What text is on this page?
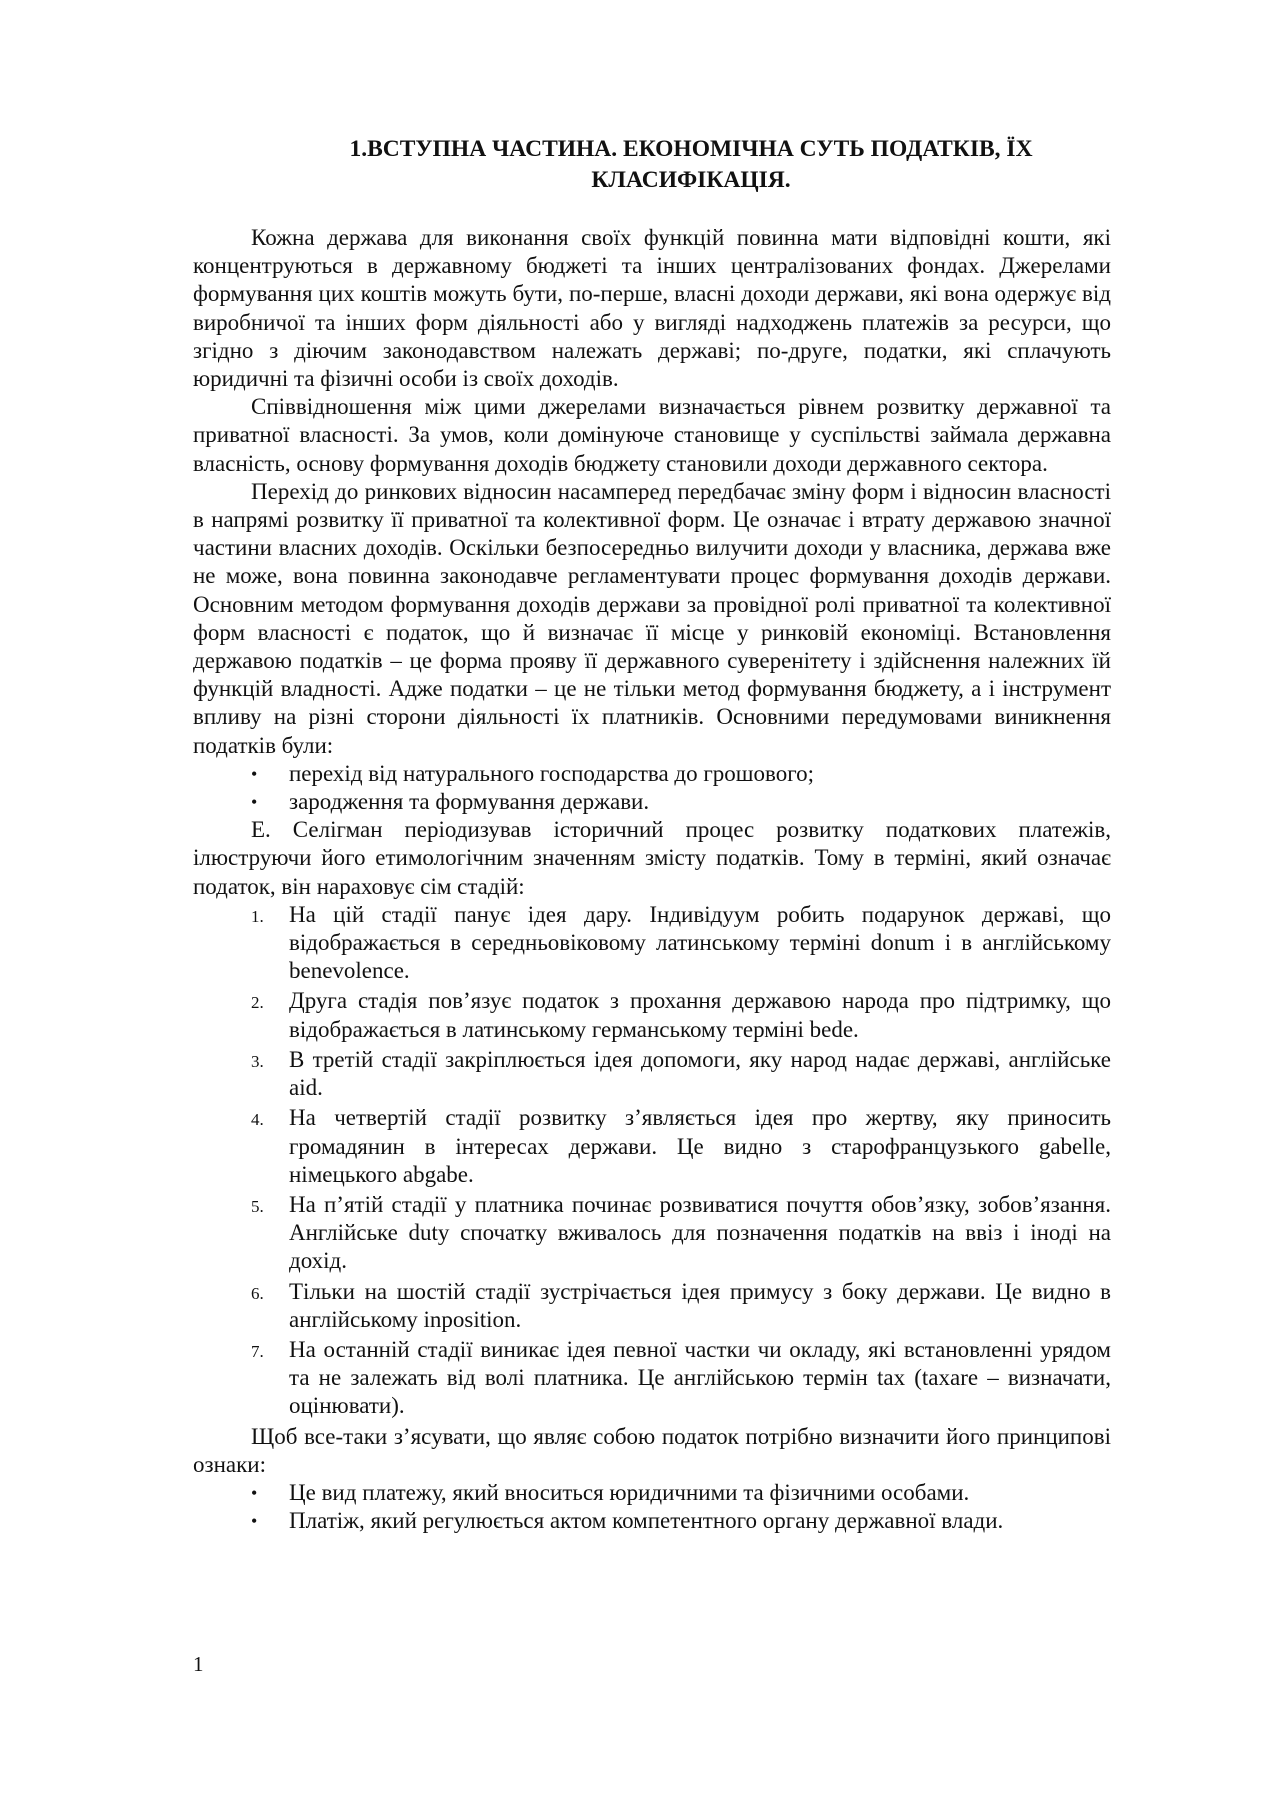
1.ВСТУПНА ЧАСТИНА. ЕКОНОМІЧНА СУТЬ ПОДАТКІВ, ЇХ
КЛАСИФІКАЦІЯ.

Кожна держава для виконання своїх функцій повинна мати відповідні кошти, які концентруються в державному бюджеті та інших централізованих фондах. Джерелами формування цих коштів можуть бути, по-перше, власні доходи держави, які вона одержує від виробничої та інших форм діяльності або у вигляді надходжень платежів за ресурси, що згідно з діючим законодавством належать державі; по-друге, податки, які сплачують юридичні та фізичні особи із своїх доходів.

Співвідношення між цими джерелами визначається рівнем розвитку державної та приватної власності. За умов, коли домінуюче становище у суспільстві займала державна власність, основу формування доходів бюджету становили доходи державного сектора.

Перехід до ринкових відносин насамперед передбачає зміну форм і відносин власності в напрямі розвитку її приватної та колективної форм. Це означає і втрату державою значної частини власних доходів. Оскільки безпосередньо вилучити доходи у власника, держава вже не може, вона повинна законодавче регламентувати процес формування доходів держави. Основним методом формування доходів держави за провідної ролі приватної та колективної форм власності є податок, що й визначає її місце у ринковій економіці. Встановлення державою податків – це форма прояву її державного суверенітету і здійснення належних їй функцій владності. Адже податки – це не тільки метод формування бюджету, а і інструмент впливу на різні сторони діяльності їх платників. Основними передумовами виникнення податків були:

• перехід від натурального господарства до грошового;
• зародження та формування держави.

Е. Селігман періодизував історичний процес розвитку податкових платежів, ілюструючи його етимологічним значенням змісту податків. Тому в терміні, який означає податок, він нараховує сім стадій:

1. На цій стадії панує ідея дару. Індивідуум робить подарунок державі, що відображається в середньовіковому латинському терміні donum і в англійському benevolence.
2. Друга стадія пов’язує податок з прохання державою народа про підтримку, що відображається в латинському германському терміні bede.
3. В третій стадії закріплюється ідея допомоги, яку народ надає державі, англійське aid.
4. На четвертій стадії розвитку з’являється ідея про жертву, яку приносить громадянин в інтересах держави. Це видно з старофранцузького gabelle, німецького abgabe.
5. На п’ятій стадії у платника починає розвиватися почуття обов’язку, зобов’язання. Англійське duty спочатку вживалось для позначення податків на ввіз і іноді на дохід.
6. Тільки на шостій стадії зустрічається ідея примусу з боку держави. Це видно в англійському inposition.
7. На останній стадії виникає ідея певної частки чи окладу, які встановленні урядом та не залежать від волі платника. Це англійською термін tax (taxare – визначати, оцінювати).

Щоб все-таки з’ясувати, що являє собою податок потрібно визначити його принципові ознаки:

• Це вид платежу, який вноситься юридичними та фізичними особами.
• Платіж, який регулюється актом компетентного органу державної влади.
1
